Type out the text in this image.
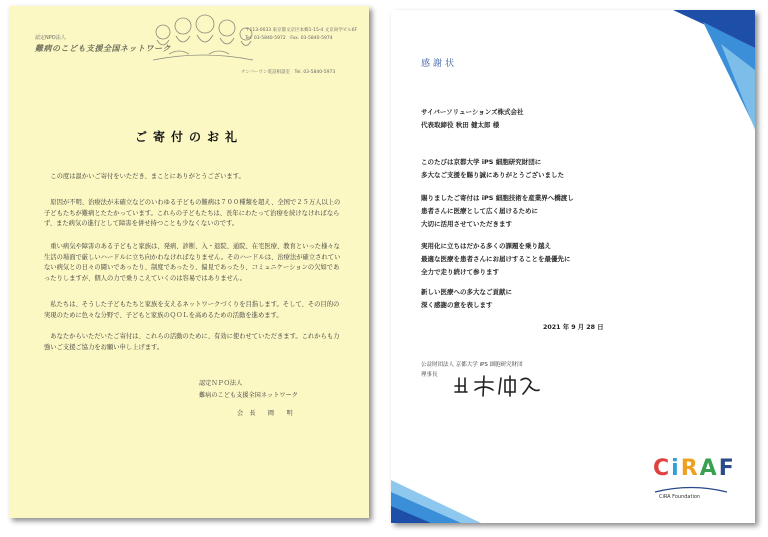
認定NPO法人
難病のこども支援全国ネットワーク
〒113-0033 東京都文京区本郷1-15-4 文京尚学ビル6F
Tel. 03-5840-5972　Fax. 03-5840-5974
ナンバーワン電話相談室　Tel. 03-5840-5973
ご寄付のお礼

この度は温かいご寄付をいただき、まことにありがとうございます。

原因が不明、治療法が未確立などのいわゆる子どもの難病は７００種類を超え、全国で２５万人以上の子どもたちが難病とたたかっています。これらの子どもたちは、長年にわたって治療を続けなければならず、また病気の進行として障害を併せ持つことも少なくないのです。

重い病気や障害のある子どもと家族は、発病、診断、入・退院、通院、在宅医療、教育といった様々な生活の場面で厳しいハードルに立ち向かわなければなりません。そのハードルは、治療法が確立されていない病気との日々の闘いであったり、制度であったり、偏見であったり、コミュニケーションの欠如であったりしますが、個人の力で乗りこえていくのは容易ではありません。

私たちは、そうした子どもたちと家族を支えるネットワークづくりを目指します。そして、その目的の実現のために色々な分野で、子どもと家族のＱＯＬを高めるための活動を進めます。

あなたからいただいたご寄付は、これらの活動のために、有効に使わせていただきます。これからも力強いご支援ご協力をお願い申し上げます。

認定ＮＰＯ法人
難病のこども支援全国ネットワーク
会　長　　岡　　明
感謝状
サイバーソリューションズ株式会社
代表取締役 秋田 健太郎 様
このたびは京都大学 iPS 細胞研究財団に
多大なご支援を賜り誠にありがとうございました
賜りましたご寄付は iPS 細胞技術を産業界へ橋渡し
患者さんに医療として広く届けるために
大切に活用させていただきます
実用化に立ちはだかる多くの課題を乗り越え
最適な医療を患者さんにお届けすることを最優先に
全力で走り続けて参ります
新しい医療への多大なご貢献に
深く感謝の意を表します
2021 年 9 月 28 日
公益財団法人 京都大学 iPS 細胞研究財団
理事長
CiRAF
CiRA Foundation
